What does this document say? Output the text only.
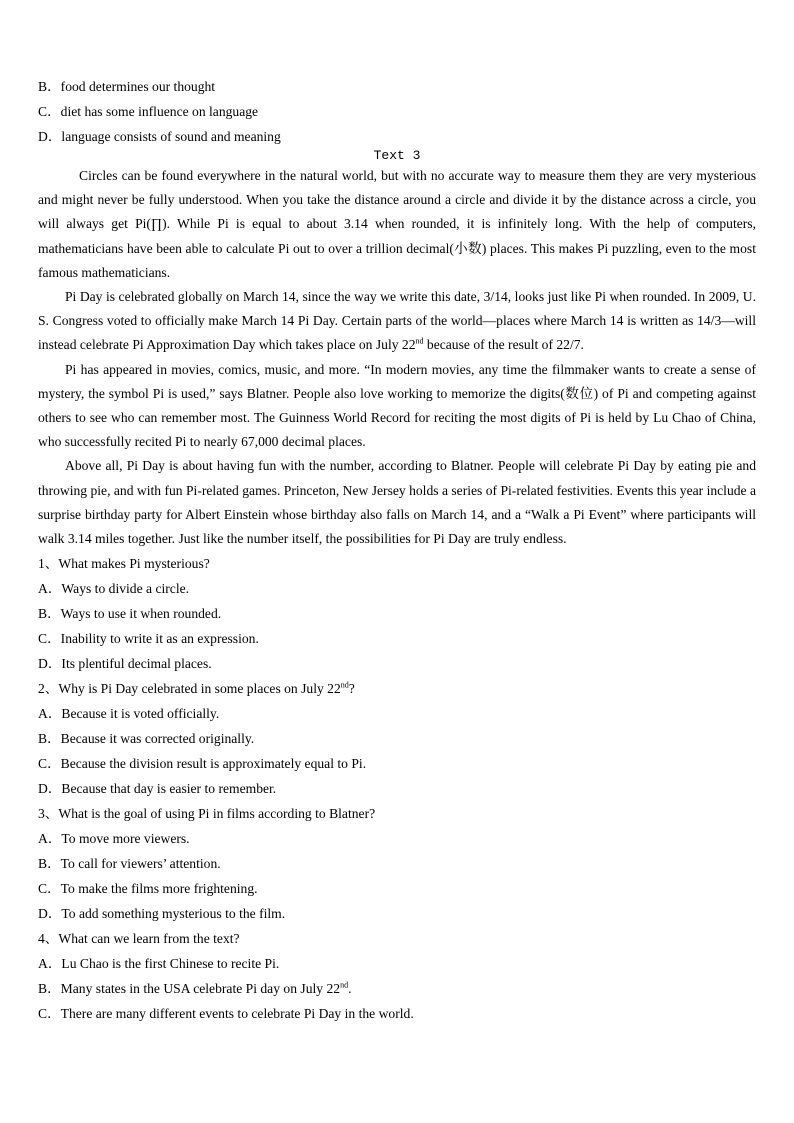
B．food determines our thought
C．diet has some influence on language
D．language consists of sound and meaning
Text 3
Circles can be found everywhere in the natural world, but with no accurate way to measure them they are very mysterious and might never be fully understood. When you take the distance around a circle and divide it by the distance across a circle, you will always get Pi(∏). While Pi is equal to about 3.14 when rounded, it is infinitely long. With the help of computers, mathematicians have been able to calculate Pi out to over a trillion decimal(小数) places. This makes Pi puzzling, even to the most famous mathematicians.
Pi Day is celebrated globally on March 14, since the way we write this date, 3/14, looks just like Pi when rounded. In 2009, U. S. Congress voted to officially make March 14 Pi Day. Certain parts of the world—places where March 14 is written as 14/3—will instead celebrate Pi Approximation Day which takes place on July 22nd because of the result of 22/7.
Pi has appeared in movies, comics, music, and more. “In modern movies, any time the filmmaker wants to create a sense of mystery, the symbol Pi is used,” says Blatner. People also love working to memorize the digits(数位) of Pi and competing against others to see who can remember most. The Guinness World Record for reciting the most digits of Pi is held by Lu Chao of China, who successfully recited Pi to nearly 67,000 decimal places.
Above all, Pi Day is about having fun with the number, according to Blatner. People will celebrate Pi Day by eating pie and throwing pie, and with fun Pi-related games. Princeton, New Jersey holds a series of Pi-related festivities. Events this year include a surprise birthday party for Albert Einstein whose birthday also falls on March 14, and a “Walk a Pi Event” where participants will walk 3.14 miles together. Just like the number itself, the possibilities for Pi Day are truly endless.
1、What makes Pi mysterious?
A．Ways to divide a circle.
B．Ways to use it when rounded.
C．Inability to write it as an expression.
D．Its plentiful decimal places.
2、Why is Pi Day celebrated in some places on July 22nd?
A．Because it is voted officially.
B．Because it was corrected originally.
C．Because the division result is approximately equal to Pi.
D．Because that day is easier to remember.
3、What is the goal of using Pi in films according to Blatner?
A．To move more viewers.
B．To call for viewers’ attention.
C．To make the films more frightening.
D．To add something mysterious to the film.
4、What can we learn from the text?
A．Lu Chao is the first Chinese to recite Pi.
B．Many states in the USA celebrate Pi day on July 22nd.
C．There are many different events to celebrate Pi Day in the world.
